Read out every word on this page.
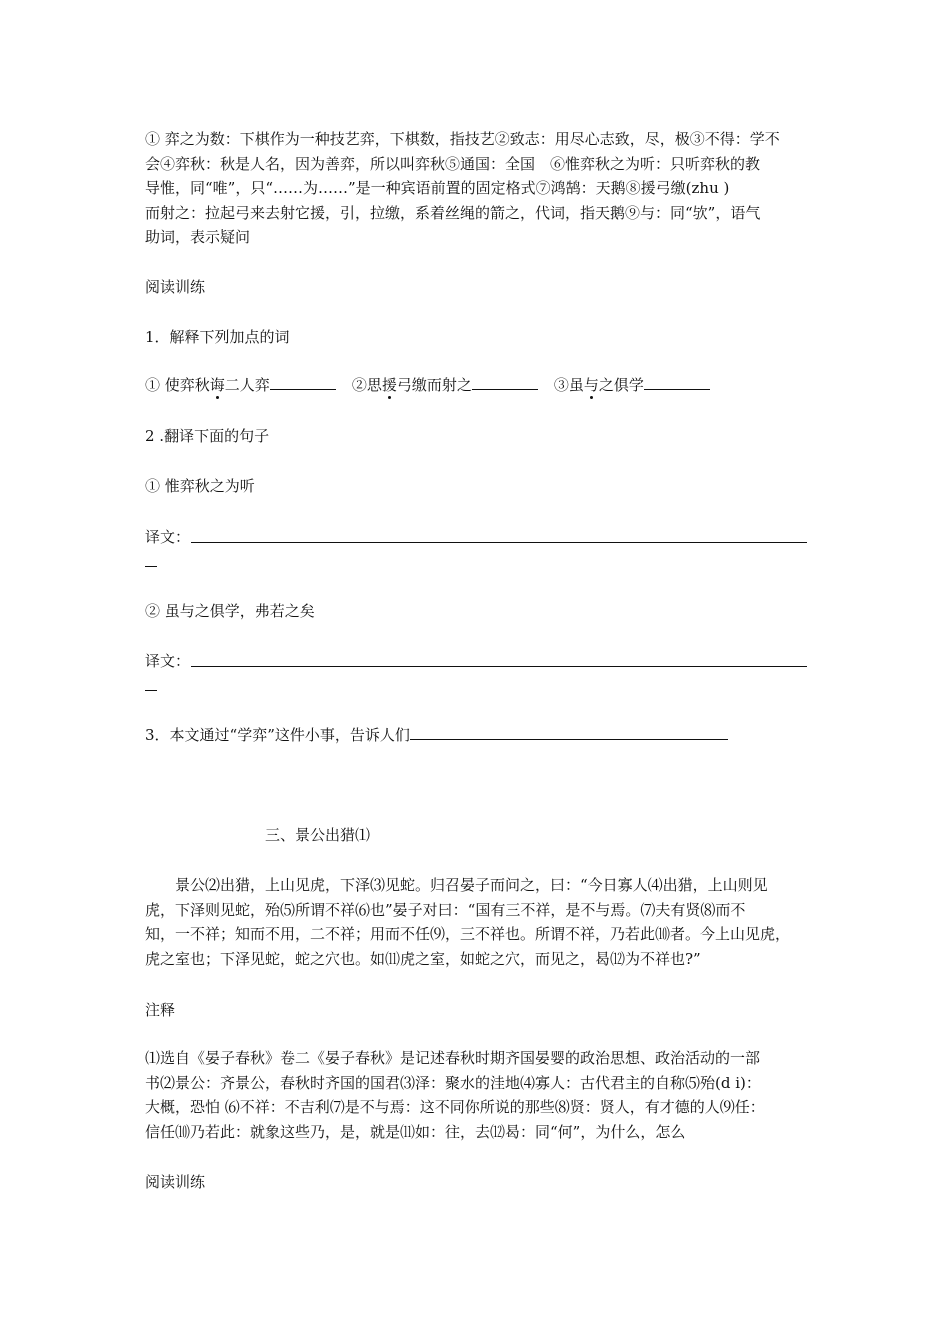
① 弈之为数：下棋作为一种技艺弈，下棋数，指技艺②致志：用尽心志致，尽，极③不得：学不
会④弈秋：秋是人名，因为善弈，所以叫弈秋⑤通国：全国　⑥惟弈秋之为听：只听弈秋的教
导惟，同“唯”，只“……为……”是一种宾语前置的固定格式⑦鸿鹄：天鹅⑧援弓缴(zhu )
而射之：拉起弓来去射它援，引，拉缴，系着丝绳的箭之，代词，指天鹅⑨与：同“欤”，语气
助词，表示疑问
阅读训练
1．解释下列加点的词
① 使弈秋诲二人弈	②思援弓缴而射之	③虽与之俱学
2 .翻译下面的句子
① 惟弈秋之为听
译文：
② 虽与之俱学，弗若之矣
译文：
3．本文通过“学弈”这件小事，告诉人们
三、景公出猎⑴
　　景公⑵出猎，上山见虎，下泽⑶见蛇。归召晏子而问之，曰：“今日寡人⑷出猎，上山则见
虎，下泽则见蛇，殆⑸所谓不祥⑹也”晏子对曰：“国有三不祥，是不与焉。⑺夫有贤⑻而不
知，一不祥；知而不用，二不祥；用而不任⑼，三不祥也。所谓不祥，乃若此⑽者。今上山见虎，
虎之室也；下泽见蛇，蛇之穴也。如⑾虎之室，如蛇之穴，而见之，曷⑿为不祥也?”
注释
⑴选自《晏子春秋》卷二《晏子春秋》是记述春秋时期齐国晏婴的政治思想、政治活动的一部
书⑵景公：齐景公，春秋时齐国的国君⑶泽：聚水的洼地⑷寡人：古代君主的自称⑸殆(d i)：
大概，恐怕 ⑹不祥：不吉利⑺是不与焉：这不同你所说的那些⑻贤：贤人，有才德的人⑼任：
信任⑽乃若此：就象这些乃，是，就是⑾如：往，去⑿曷：同“何”，为什么，怎么
阅读训练
